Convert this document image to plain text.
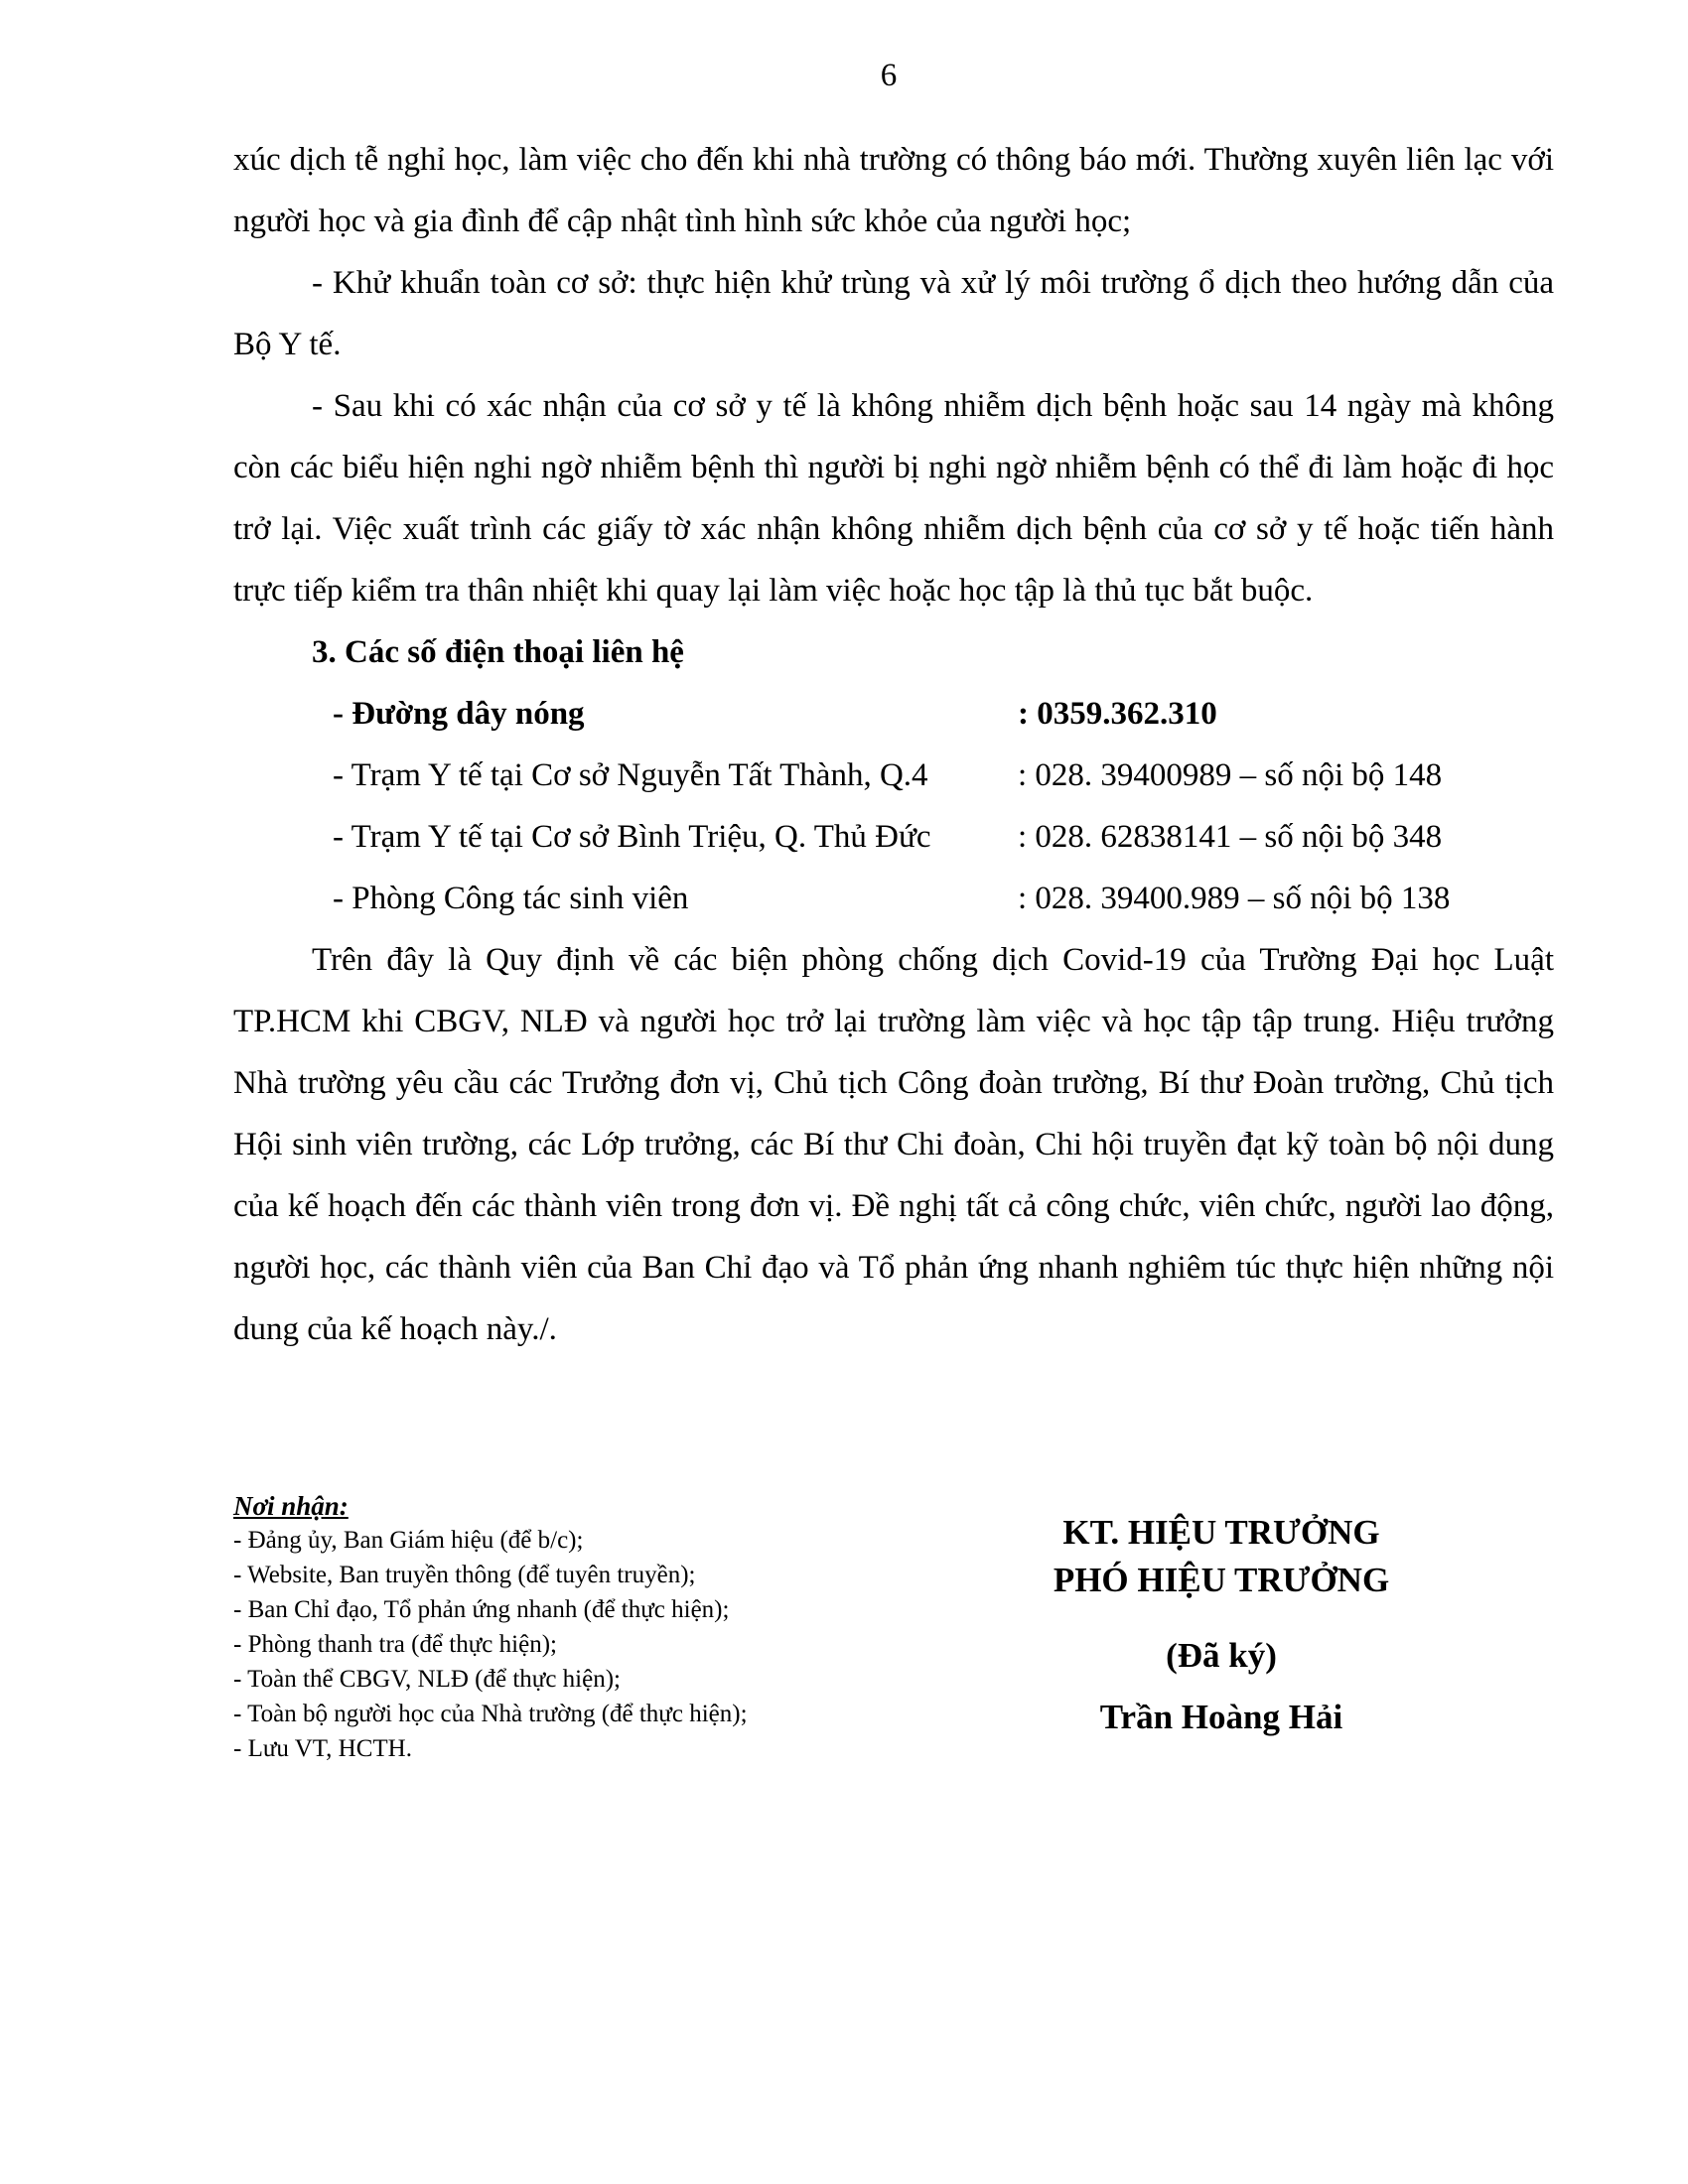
6

xúc dịch tễ nghỉ học, làm việc cho đến khi nhà trường có thông báo mới. Thường xuyên liên lạc với người học và gia đình để cập nhật tình hình sức khỏe của người học;

- Khử khuẩn toàn cơ sở: thực hiện khử trùng và xử lý môi trường ổ dịch theo hướng dẫn của Bộ Y tế.

- Sau khi có xác nhận của cơ sở y tế là không nhiễm dịch bệnh hoặc sau 14 ngày mà không còn các biểu hiện nghi ngờ nhiễm bệnh thì người bị nghi ngờ nhiễm bệnh có thể đi làm hoặc đi học trở lại. Việc xuất trình các giấy tờ xác nhận không nhiễm dịch bệnh của cơ sở y tế hoặc tiến hành trực tiếp kiểm tra thân nhiệt khi quay lại làm việc hoặc học tập là thủ tục bắt buộc.

3. Các số điện thoại liên hệ

- Đường dây nóng	: 0359.362.310
- Trạm Y tế tại Cơ sở Nguyễn Tất Thành, Q.4	: 028. 39400989 – số nội bộ 148
- Trạm Y tế tại Cơ sở Bình Triệu, Q. Thủ Đức	: 028. 62838141 – số nội bộ 348
- Phòng Công tác sinh viên	: 028. 39400.989 – số nội bộ 138

Trên đây là Quy định về các biện phòng chống dịch Covid-19 của Trường Đại học Luật TP.HCM khi CBGV, NLĐ và người học trở lại trường làm việc và học tập tập trung. Hiệu trưởng Nhà trường yêu cầu các Trưởng đơn vị, Chủ tịch Công đoàn trường, Bí thư Đoàn trường, Chủ tịch Hội sinh viên trường, các Lớp trưởng, các Bí thư Chi đoàn, Chi hội truyền đạt kỹ toàn bộ nội dung của kế hoạch đến các thành viên trong đơn vị. Đề nghị tất cả công chức, viên chức, người lao động, người học, các thành viên của Ban Chỉ đạo và Tổ phản ứng nhanh nghiêm túc thực hiện những nội dung của kế hoạch này./.

Nơi nhận:
- Đảng ủy, Ban Giám hiệu (để b/c);
- Website, Ban truyền thông (để tuyên truyền);
- Ban Chỉ đạo, Tổ phản ứng nhanh (để thực hiện);
- Phòng thanh tra (để thực hiện);
- Toàn thể CBGV, NLĐ (để thực hiện);
- Toàn bộ người học của Nhà trường (để thực hiện);
- Lưu VT, HCTH.
KT. HIỆU TRƯỞNG
PHÓ HIỆU TRƯỞNG
(Đã ký)
Trần Hoàng Hải
